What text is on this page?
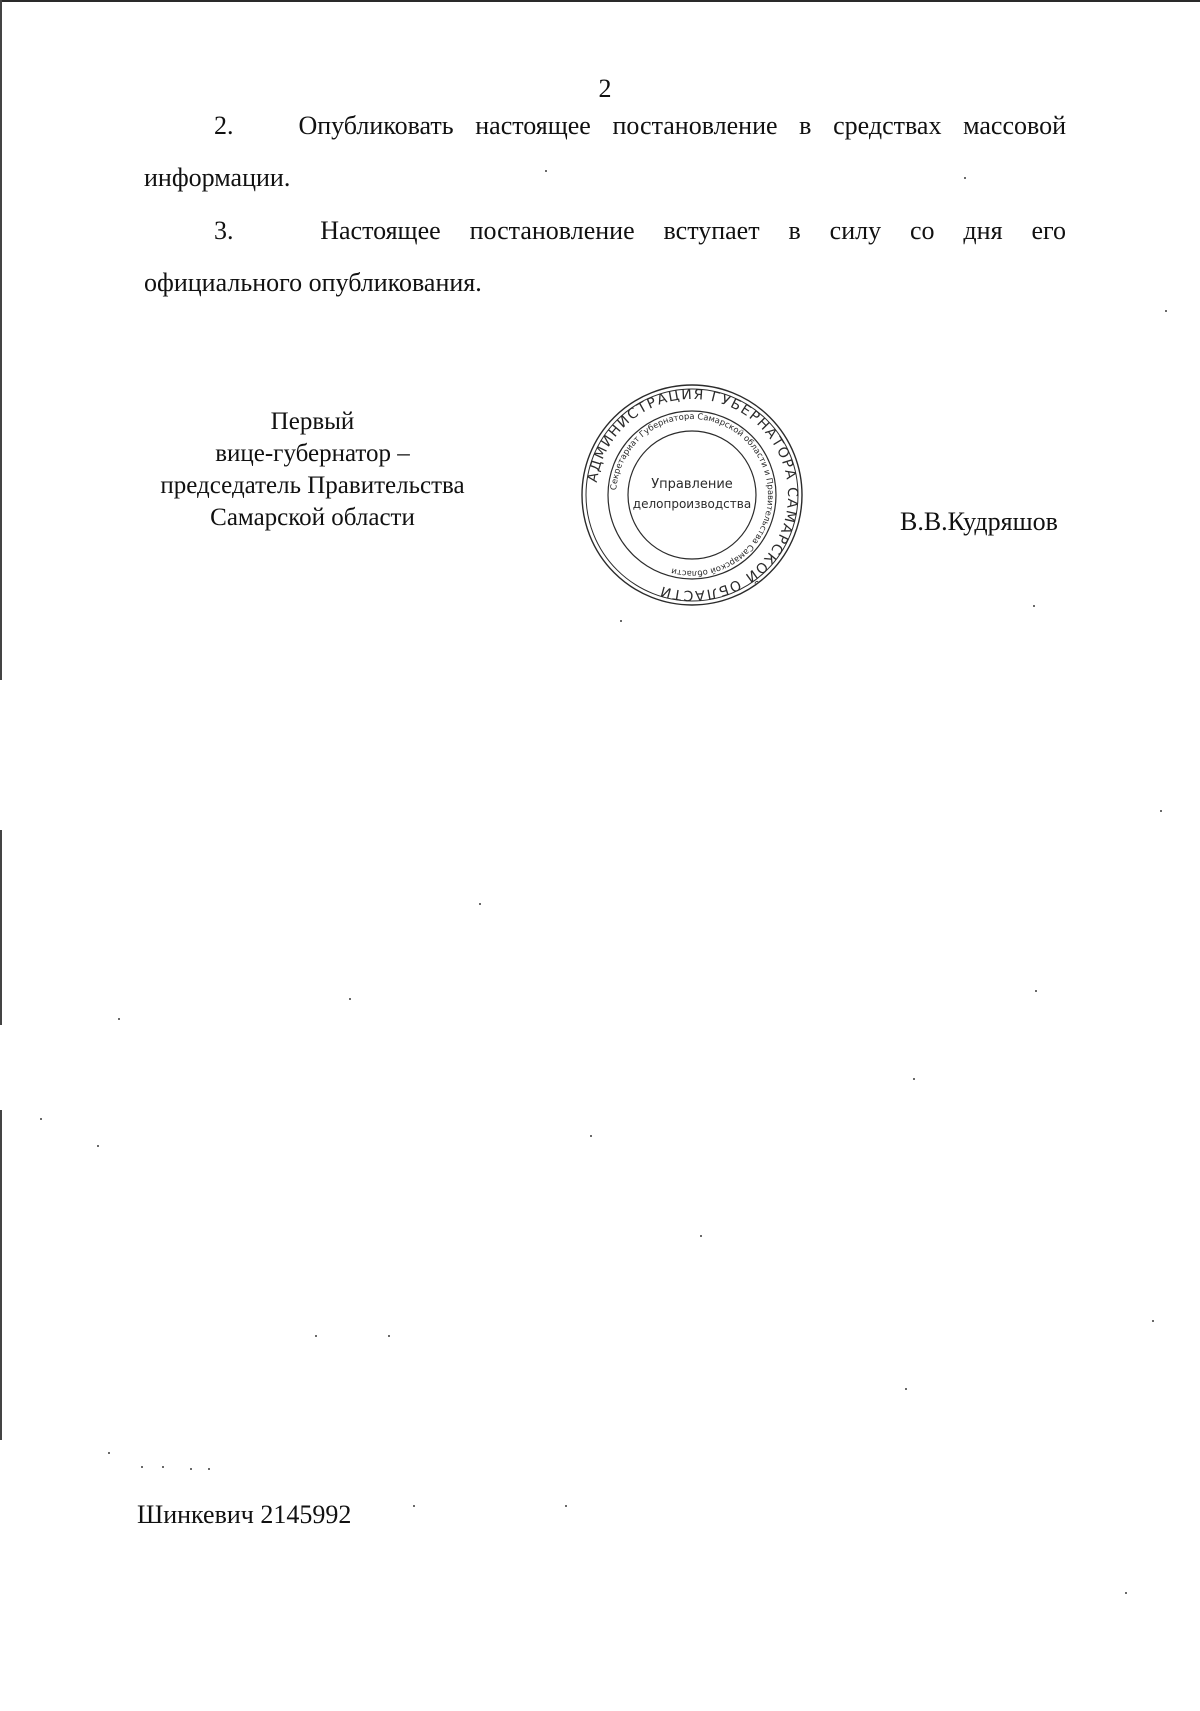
2
2. Опубликовать настоящее постановление в средствах массовой
информации.
3.	Настоящее постановление вступает в силу со дня его
официального опубликования.
Первый
вице-губернатор –
председатель Правительства
Самарской области
АДМИНИСТРАЦИЯ ГУБЕРНАТОРА САМАРСКОЙ ОБЛАСТИ
Секретариат Губернатора Самарской области и Правительства Самарской области
Управление
делопроизводства
В.В.Кудряшов
Шинкевич 2145992
